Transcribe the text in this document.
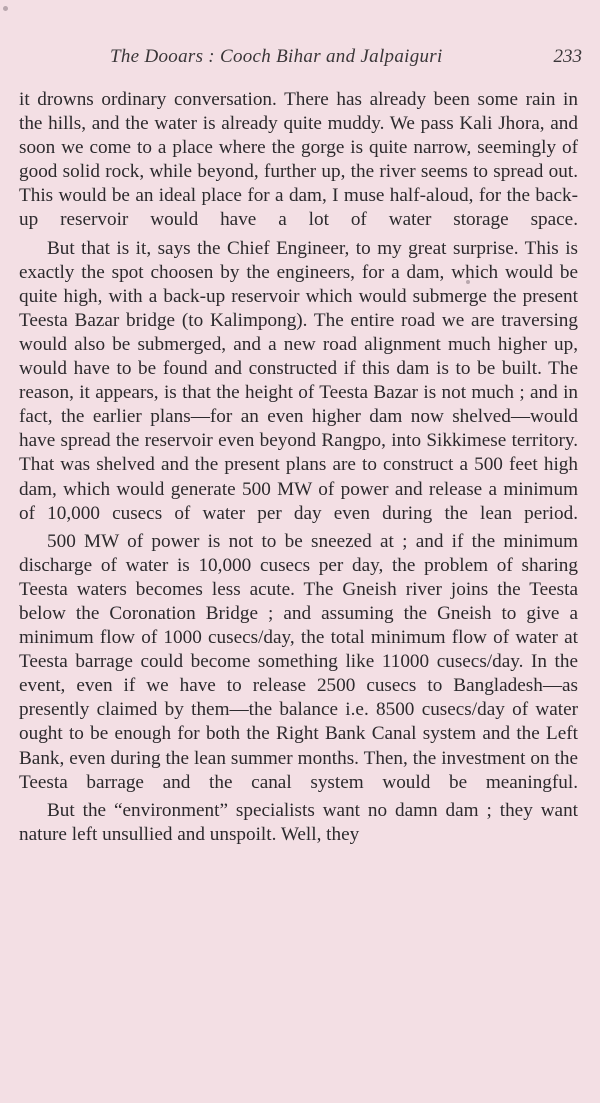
The Dooars : Cooch Bihar and Jalpaiguri	233

it drowns ordinary conversation. There has already been some rain in the hills, and the water is already quite muddy. We pass Kali Jhora, and soon we come to a place where the gorge is quite narrow, seemingly of good solid rock, while beyond, further up, the river seems to spread out. This would be an ideal place for a dam, I muse half-aloud, for the back-up reservoir would have a lot of water storage space.

But that is it, says the Chief Engineer, to my great surprise. This is exactly the spot choosen by the engineers, for a dam, which would be quite high, with a back-up reservoir which would submerge the present Teesta Bazar bridge (to Kalimpong). The entire road we are traversing would also be submerged, and a new road alignment much higher up, would have to be found and constructed if this dam is to be built. The reason, it appears, is that the height of Teesta Bazar is not much ; and in fact, the earlier plans—for an even higher dam now shelved—would have spread the reservoir even beyond Rangpo, into Sikkimese territory. That was shelved and the present plans are to construct a 500 feet high dam, which would generate 500 MW of power and release a minimum of 10,000 cusecs of water per day even during the lean period.

500 MW of power is not to be sneezed at ; and if the minimum discharge of water is 10,000 cusecs per day, the problem of sharing Teesta waters becomes less acute. The Gneish river joins the Teesta below the Coronation Bridge ; and assuming the Gneish to give a minimum flow of 1000 cusecs/day, the total minimum flow of water at Teesta barrage could become something like 11000 cusecs/day. In the event, even if we have to release 2500 cusecs to Bangladesh—as presently claimed by them—the balance i.e. 8500 cusecs/day of water ought to be enough for both the Right Bank Canal system and the Left Bank, even during the lean summer months. Then, the investment on the Teesta barrage and the canal system would be meaningful.

But the “environment” specialists want no damn dam ; they want nature left unsullied and unspoilt. Well, they
